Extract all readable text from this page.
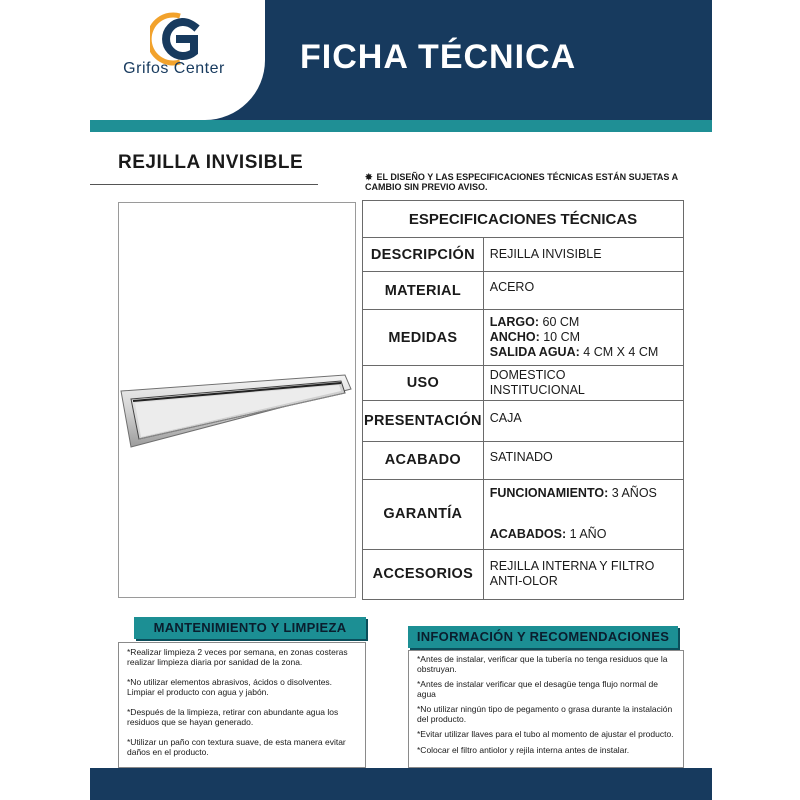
Grifos Center	FICHA TÉCNICA
REJILLA INVISIBLE
✸ EL DISEÑO Y LAS ESPECIFICACIONES TÉCNICAS ESTÁN SUJETAS A CAMBIO SIN PREVIO AVISO.
ESPECIFICACIONES TÉCNICAS	
DESCRIPCIÓN	REJILLA INVISIBLE
MATERIAL	ACERO
MEDIDAS	LARGO: 60 CM
ANCHO: 10 CM
SALIDA AGUA: 4 CM X 4 CM

USO	DOMESTICO
INSTITUCIONAL

PRESENTACIÓN	CAJA
ACABADO	SATINADO
GARANTÍA	FUNCIONAMIENTO: 3 AÑOS
ACABADOS: 1 AÑO

ACCESORIOS	REJILLA INTERNA Y FILTRO
ANTI-OLOR

*Realizar limpieza 2 veces por semana, en zonas costeras realizar limpieza diaria por sanidad de la zona.

*No utilizar elementos abrasivos, ácidos o disolventes. Limpiar el producto con agua y jabón.

*Después de la limpieza, retirar con abundante agua los residuos que se hayan generado.

*Utilizar un paño con textura suave, de esta manera evitar daños en el producto.

MANTENIMIENTO Y LIMPIEZA

*Antes de instalar, verificar que la tubería no tenga residuos que la obstruyan.

*Antes de instalar verificar que el desagüe tenga flujo normal de agua

*No utilizar ningún tipo de pegamento o grasa durante la instalación del producto.

*Evitar utilizar llaves para el tubo al momento de ajustar el producto.

*Colocar el filtro antiolor y rejila interna antes de instalar.

INFORMACIÓN Y RECOMENDACIONES
